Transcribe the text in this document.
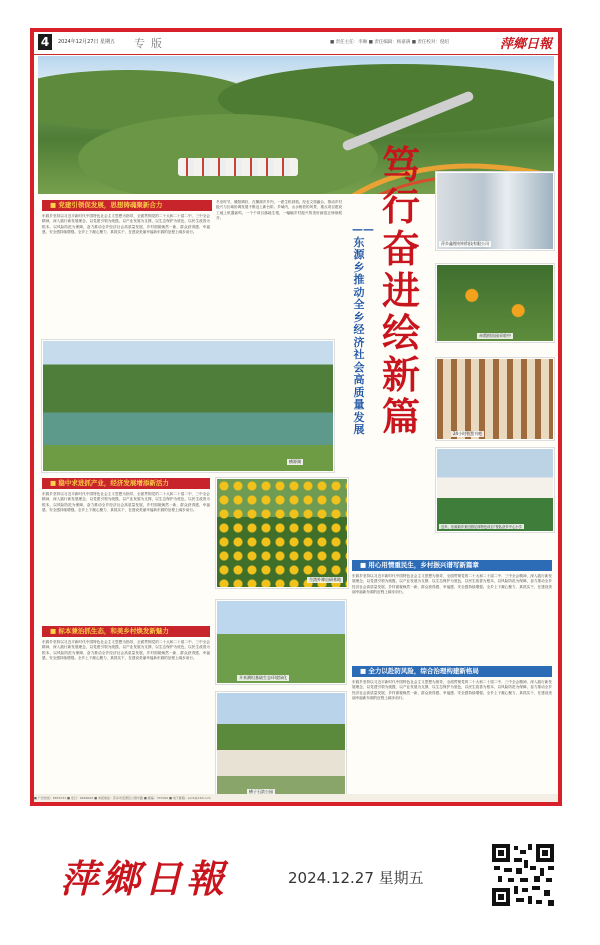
4	2024年12月27日 星期五 专版	■ 责任主任：李琳 ■ 责任编辑：杨嘉满 ■ 责任校对：倪绍	萍鄉日報
■ 党建引领促发展，思想铸魂聚新合力
东源乡坚持以习近平新时代中国特色社会主义思想为指导，全面贯彻党的二十大和二十届二中、三中全会精神，深入践行新发展理念，以党建引领为统揽，以产业发展为支撑，以生态保护为底色，以民生改善为根本，以风险防范为保障，奋力推动全乡经济社会高质量发展，乡村面貌焕然一新，群众获得感、幸福感、安全感持续增强。全乡上下凝心聚力、真抓实干，在建设美丽幸福新东源的征程上阔步前行。
冬至时节，暖阳晴好，在横源乡乡内，一派生机勃勃。经农文旅融合，推动乡村振兴与区域协调发展不断迈上新台阶。乡域内，山水相依的风景、重点项目建设工地上机器轰鸣，一个个项目落地生根，一幅幅乡村振兴的美好画卷正徐徐展开。
——东源乡推动全乡经济社会高质量发展
笃
行
奋
进
绘
新
篇
萍乡鑫锂材料科技有限公司
赤霞柑苗园采收中
24小时智慧书吧
近年，东源新乡来田园足球特色项目“校队获乡中心小学
横源湖
■ 稳中求进抓产业，经济发展增添新活力
东源乡坚持以习近平新时代中国特色社会主义思想为指导，全面贯彻党的二十大和二十届二中、三中全会精神，深入践行新发展理念，以党建引领为统揽，以产业发展为支撑，以生态保护为底色，以民生改善为根本，以风险防范为保障，奋力推动全乡经济社会高质量发展，乡村面貌焕然一新，群众获得感、幸福感、安全感持续增强。全乡上下凝心聚力、真抓实干，在建设美丽幸福新东源的征程上阔步前行。
合湾外滩自研基地
■ 标本兼治抓生态，和美乡村焕发新魅力
东源乡坚持以习近平新时代中国特色社会主义思想为指导，全面贯彻党的二十大和二十届二中、三中全会精神，深入践行新发展理念，以党建引领为统揽，以产业发展为支撑，以生态保护为底色，以民生改善为根本，以风险防范为保障，奋力推动全乡经济社会高质量发展，乡村面貌焕然一新，群众获得感、幸福感、安全感持续增强。全乡上下凝心聚力、真抓实干，在建设美丽幸福新东源的征程上阔步前行。
开来测坦基础生态环境绿化
横子石滨公园
■ 用心用情重民生，乡村振兴谱写新篇章
东源乡坚持以习近平新时代中国特色社会主义思想为指导，全面贯彻党的二十大和二十届二中、三中全会精神，深入践行新发展理念，以党建引领为统揽，以产业发展为支撑，以生态保护为底色，以民生改善为根本，以风险防范为保障，奋力推动全乡经济社会高质量发展，乡村面貌焕然一新，群众获得感、幸福感、安全感持续增强。全乡上下凝心聚力、真抓实干，在建设美丽幸福新东源的征程上阔步前行。
■ 全力以赴防风险，综合治理构建新格局
东源乡坚持以习近平新时代中国特色社会主义思想为指导，全面贯彻党的二十大和二十届二中、三中全会精神，深入践行新发展理念，以党建引领为统揽，以产业发展为支撑，以生态保护为底色，以民生改善为根本，以风险防范为保障，奋力推动全乡经济社会高质量发展，乡村面貌焕然一新，群众获得感、幸福感、安全感持续增强。全乡上下凝心聚力、真抓实干，在建设美丽幸福新东源的征程上阔步前行。
■ 广告热线：6833131 ■ 发行：6899000 ■ 本报地址：萍乡市安源区公园中路 ■ 邮编：337000 ■ 电子邮箱：pxrb@163.com
萍鄉日報	2024.12.27 星期五
